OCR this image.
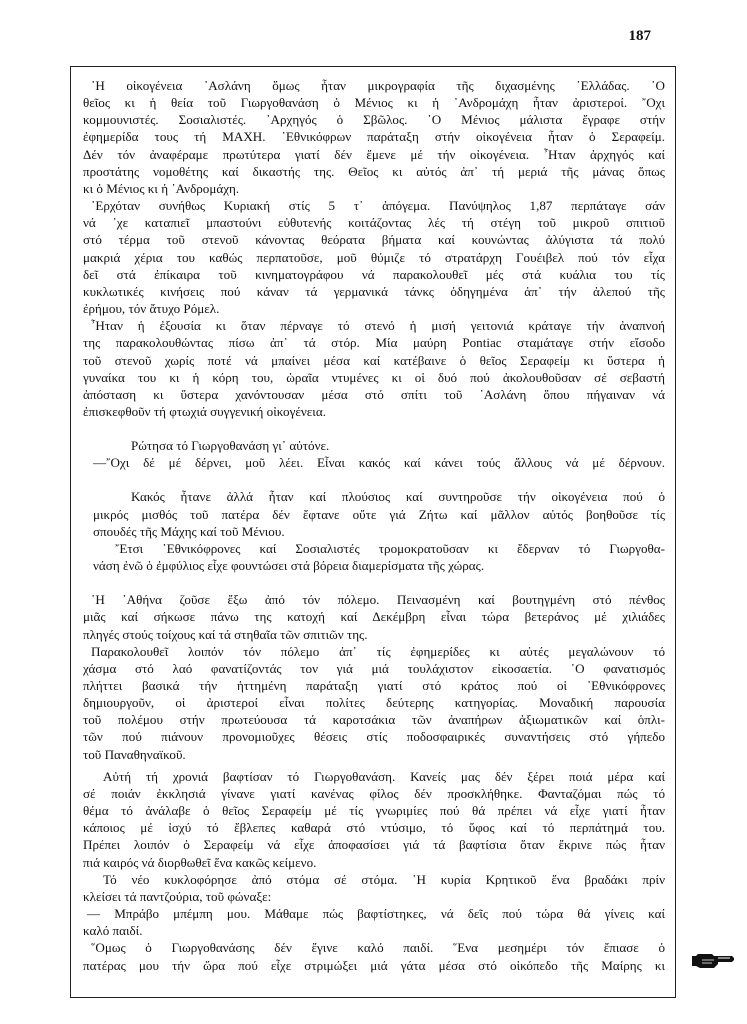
187

᾿Η οἰκογένεια ᾿Ασλάνη ὅμως ἦταν μικρογραφία τῆς διχασμένης ᾿Ελλάδας. ῾Ο
θεῖος κι ἡ θεία τοῦ Γιωργοθανάση ὁ Μένιος κι ἡ ᾿Ανδρομάχη ἦταν ἀριστεροί. ῎Οχι
κομμουνιστές. Σοσιαλιστές. ᾿Αρχηγός ὁ Σβῶλος. ῾Ο Μένιος μάλιστα ἔγραφε στήν
ἐφημερίδα τους τή ΜΑΧΗ. ᾿Εθνικόφρων παράταξη στήν οἰκογένεια ἦταν ὁ Σεραφείμ.
Δέν τόν ἀναφέραμε πρωτύτερα γιατί δέν ἔμενε μέ τήν οἰκογένεια. ῏Ηταν ἀρχηγός καί
προστάτης νομοθέτης καί δικαστής της. Θεῖος κι αὐτός ἀπ᾿ τή μεριά τῆς μάνας ὅπως
κι ὁ Μένιος κι ἡ ᾿Ανδρομάχη.

᾿Ερχόταν συνήθως Κυριακή στίς 5 τ᾿ ἀπόγεμα. Πανύψηλος 1,87 περπάταγε σάν
νά ᾿χε καταπιεῖ μπαστούνι εὐθυτενής κοιτάζοντας λές τή στέγη τοῦ μικροῦ σπιτιοῦ
στό τέρμα τοῦ στενοῦ κάνοντας θεόρατα βήματα καί κουνώντας ἀλύγιστα τά πολύ
μακριά χέρια του καθώς περπατοῦσε, μοῦ θύμιζε τό στρατάρχη Γουέιβελ πού τόν εἶχα
δεῖ στά ἐπίκαιρα τοῦ κινηματογράφου νά παρακολουθεῖ μές στά κυάλια του τίς
κυκλωτικές κινήσεις πού κάναν τά γερμανικά τάνκς ὁδηγημένα ἀπ᾿ τήν ἀλεπού τῆς
ἐρήμου, τόν ἄτυχο Ρόμελ.

῏Ηταν ἡ ἐξουσία κι ὅταν πέρναγε τό στενό ἡ μισή γειτονιά κράταγε τήν ἀναπνοή
της παρακολουθώντας πίσω ἀπ᾿ τά στόρ. Μία μαύρη Pontiac σταμάταγε στήν εἴσοδο
τοῦ στενοῦ χωρίς ποτέ νά μπαίνει μέσα καί κατέβαινε ὁ θεῖος Σεραφείμ κι ὕστερα ἡ
γυναίκα του κι ἡ κόρη του, ὡραῖα ντυμένες κι οἱ δυό πού ἀκολουθοῦσαν σέ σεβαστή
ἀπόσταση κι ὕστερα χανόντουσαν μέσα στό σπίτι τοῦ ᾿Ασλάνη ὅπου πήγαιναν νά
ἐπισκεφθοῦν τή φτωχιά συγγενική οἰκογένεια.

Ρώτησα τό Γιωργοθανάση γι᾿ αὐτόνε.
—῎Οχι δέ μέ δέρνει, μοῦ λέει. Εἶναι κακός καί κάνει τούς ἄλλους νά μέ δέρνουν.

Κακός ἦτανε ἀλλά ἦταν καί πλούσιος καί συντηροῦσε τήν οἰκογένεια πού ὁ
μικρός μισθός τοῦ πατέρα δέν ἔφτανε οὔτε γιά Ζήτω καί μᾶλλον αὐτός βοηθοῦσε τίς
σπουδές τῆς Μάχης καί τοῦ Μένιου.

῎Ετσι ᾿Εθνικόφρονες καί Σοσιαλιστές τρομοκρατοῦσαν κι ἔδερναν τό Γιωργοθα-
νάση ἐνῶ ὁ ἐμφύλιος εἶχε φουντώσει στά βόρεια διαμερίσματα τῆς χώρας.

῾Η ᾿Αθήνα ζοῦσε ἔξω ἀπό τόν πόλεμο. Πεινασμένη καί βουτηγμένη στό πένθος
μιᾶς καί σήκωσε πάνω της κατοχή καί Δεκέμβρη εἶναι τώρα βετεράνος μέ χιλιάδες
πληγές στούς τοίχους καί τά στηθαῖα τῶν σπιτιῶν της.

Παρακολουθεῖ λοιπόν τόν πόλεμο ἀπ᾿ τίς ἐφημερίδες κι αὐτές μεγαλώνουν τό
χάσμα στό λαό φανατίζοντάς τον γιά μιά τουλάχιστον εἰκοσαετία. ῾Ο φανατισμός
πλήττει βασικά τήν ἡττημένη παράταξη γιατί στό κράτος πού οἱ ᾿Εθνικόφρονες
δημιουργοῦν, οἱ ἀριστεροί εἶναι πολίτες δεύτερης κατηγορίας. Μοναδική παρουσία
τοῦ πολέμου στήν πρωτεύουσα τά καροτσάκια τῶν ἀναπήρων ἀξιωματικῶν καί ὁπλι-
τῶν πού πιάνουν προνομιοῦχες θέσεις στίς ποδοσφαιρικές συναντήσεις στό γήπεδο
τοῦ Παναθηναϊκοῦ.

Αὐτή τή χρονιά βαφτίσαν τό Γιωργοθανάση. Κανείς μας δέν ξέρει ποιά μέρα καί
σέ ποιάν ἐκκλησιά γίνανε γιατί κανένας φίλος δέν προσκλήθηκε. Φανταζόμαι πώς τό
θέμα τό ἀνάλαβε ὁ θεῖος Σεραφείμ μέ τίς γνωριμίες πού θά πρέπει νά εἶχε γιατί ἦταν
κάποιος μέ ἰσχύ τό ἔβλεπες καθαρά στό ντύσιμο, τό ὕφος καί τό περπάτημά του.
Πρέπει λοιπόν ὁ Σεραφείμ νά εἶχε ἀποφασίσει γιά τά βαφτίσια ὅταν ἔκρινε πώς ἦταν
πιά καιρός νά διορθωθεῖ ἕνα κακῶς κείμενο.

Τό νέο κυκλοφόρησε ἀπό στόμα σέ στόμα. ῾Η κυρία Κρητικοῦ ἕνα βραδάκι πρίν
κλείσει τά παντζούρια, τοῦ φώναξε:

— Μπράβο μπέμπη μου. Μάθαμε πώς βαφτίστηκες, νά δεῖς πού τώρα θά γίνεις καί
καλό παιδί.

῞Ομως ὁ Γιωργοθανάσης δέν ἔγινε καλό παιδί. ῞Ενα μεσημέρι τόν ἔπιασε ὁ
πατέρας μου τήν ὥρα πού εἶχε στριμώξει μιά γάτα μέσα στό οἰκόπεδο τῆς Μαίρης κι
